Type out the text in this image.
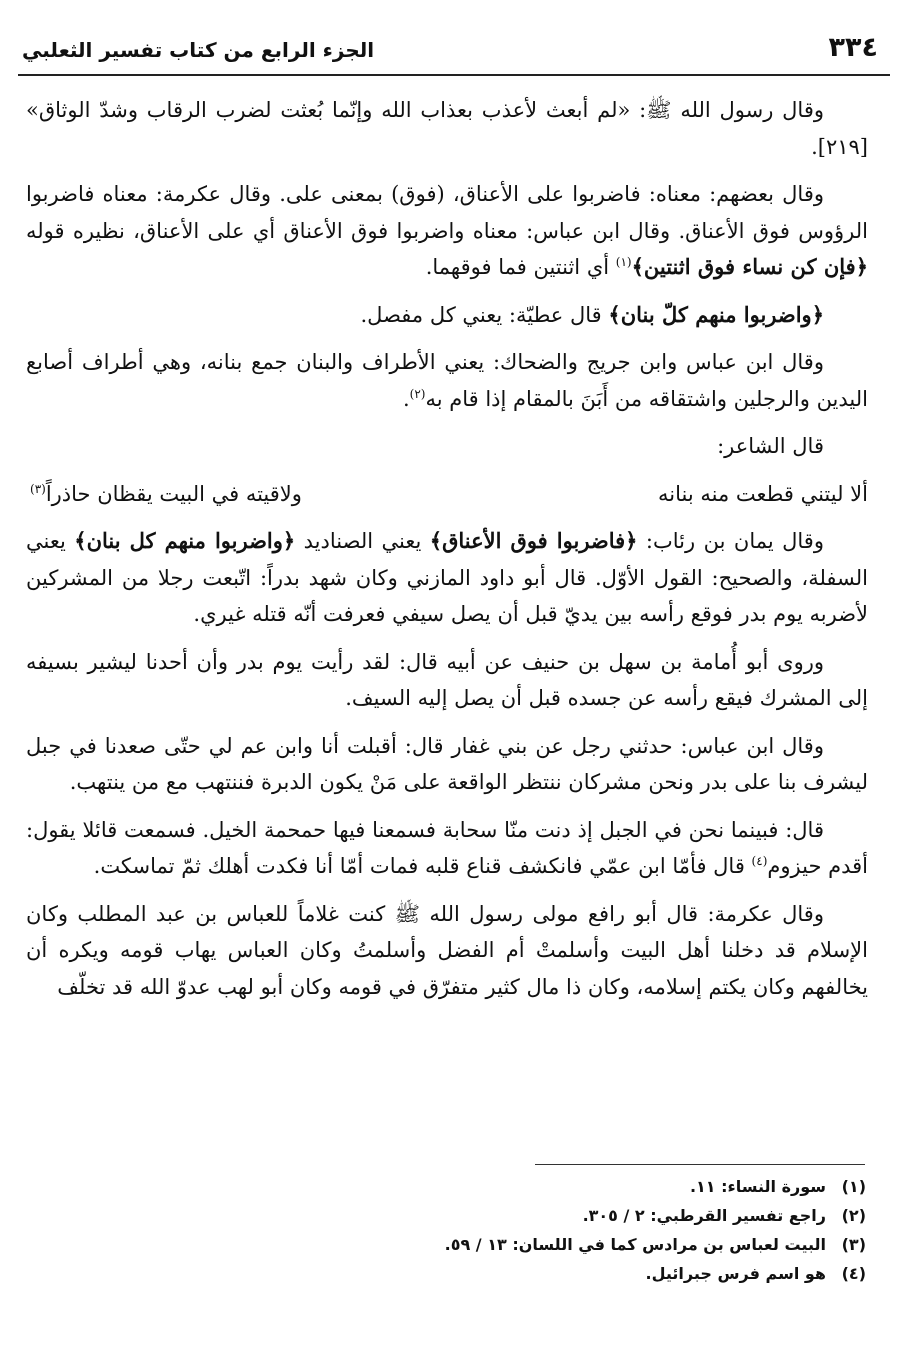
٣٣٤
الجزء الرابع من كتاب تفسير الثعلبي

وقال رسول الله ﷺ: «لم أبعث لأعذب بعذاب الله وإنّما بُعثت لضرب الرقاب وشدّ الوثاق» [٢١٩].

وقال بعضهم: معناه: فاضربوا على الأعناق، (فوق) بمعنى على. وقال عكرمة: معناه فاضربوا الرؤوس فوق الأعناق. وقال ابن عباس: معناه واضربوا فوق الأعناق أي على الأعناق، نظيره قوله ﴿فإن كن نساء فوق اثنتين﴾$^{(١)}$ أي اثنتين فما فوقهما.

﴿واضربوا منهم كلّ بنان﴾ قال عطيّة: يعني كل مفصل.

وقال ابن عباس وابن جريج والضحاك: يعني الأطراف والبنان جمع بنانه، وهي أطراف أصابع اليدين والرجلين واشتقاقه من أَبَنَ بالمقام إذا قام به$^{(٢)}$.

قال الشاعر:

ألا ليتني قطعت منه بنانه
ولاقيته في البيت يقظان حاذراً$^{(٣)}$

وقال يمان بن رئاب: ﴿فاضربوا فوق الأعناق﴾ يعني الصناديد ﴿واضربوا منهم كل بنان﴾ يعني السفلة، والصحيح: القول الأوّل. قال أبو داود المازني وكان شهد بدراً: اتّبعت رجلا من المشركين لأضربه يوم بدر فوقع رأسه بين يديّ قبل أن يصل سيفي فعرفت أنّه قتله غيري.

وروى أبو أُمامة بن سهل بن حنيف عن أبيه قال: لقد رأيت يوم بدر وأن أحدنا ليشير بسيفه إلى المشرك فيقع رأسه عن جسده قبل أن يصل إليه السيف.

وقال ابن عباس: حدثني رجل عن بني غفار قال: أقبلت أنا وابن عم لي حتّى صعدنا في جبل ليشرف بنا على بدر ونحن مشركان ننتظر الواقعة على مَنْ يكون الدبرة فننتهب مع من ينتهب.

قال: فبينما نحن في الجبل إذ دنت منّا سحابة فسمعنا فيها حمحمة الخيل. فسمعت قائلا يقول: أقدم حيزوم$^{(٤)}$ قال فأمّا ابن عمّي فانكشف قناع قلبه فمات أمّا أنا فكدت أهلك ثمّ تماسكت.

وقال عكرمة: قال أبو رافع مولى رسول الله ﷺ كنت غلاماً للعباس بن عبد المطلب وكان الإسلام قد دخلنا أهل البيت وأسلمتْ أم الفضل وأسلمتُ وكان العباس يهاب قومه ويكره أن يخالفهم وكان يكتم إسلامه، وكان ذا مال كثير متفرّق في قومه وكان أبو لهب عدوّ الله قد تخلّف

(١)
سورة النساء: ١١.
(٢)
راجع تفسير القرطبي: ٢ / ٣٠٥.
(٣)
البيت لعباس بن مرادس كما في اللسان: ١٣ / ٥٩.
(٤)
هو اسم فرس جبرائيل.
